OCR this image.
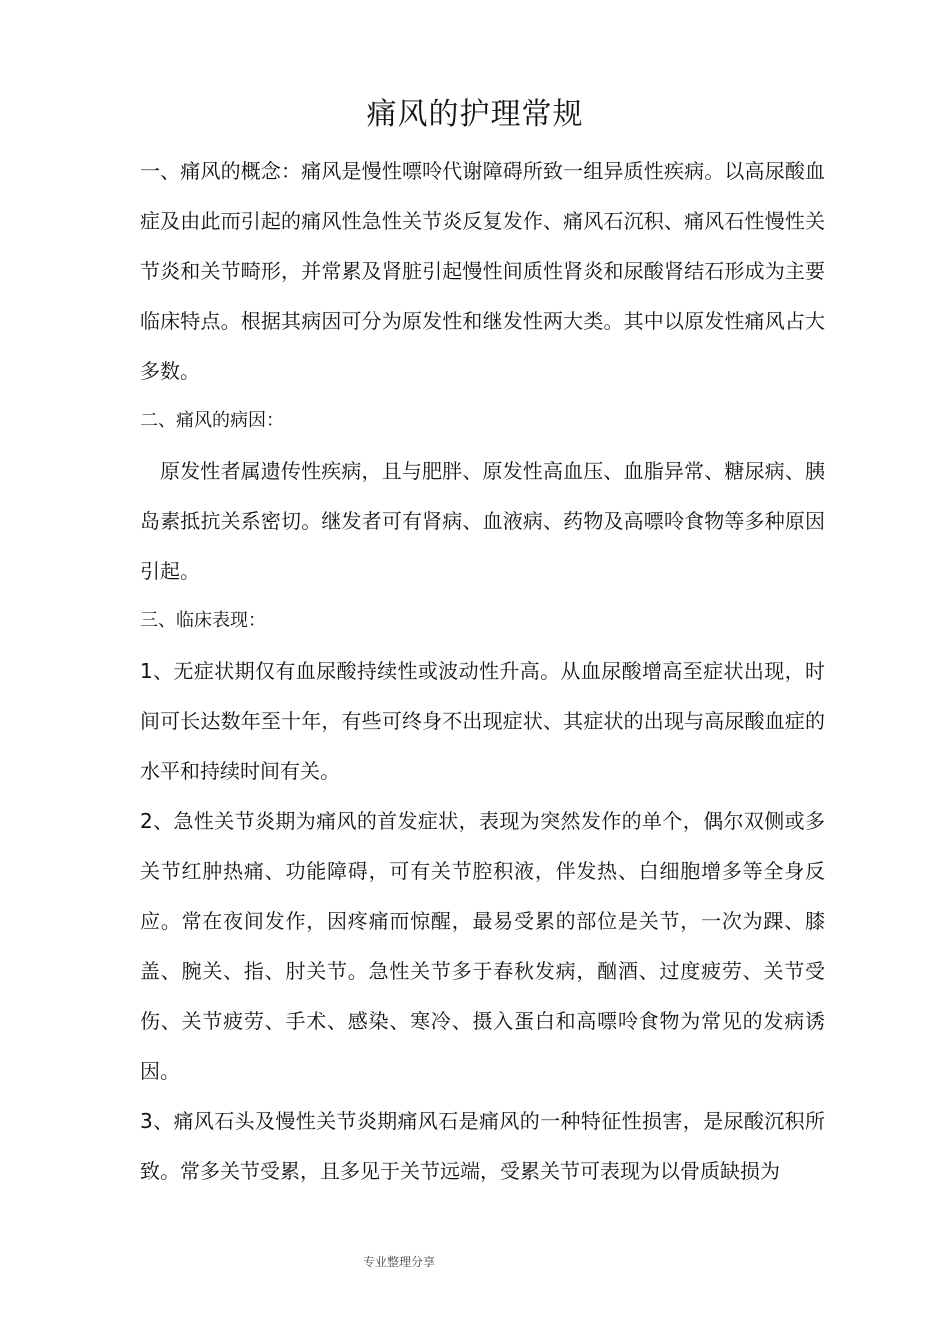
痛风的护理常规

一、痛风的概念：痛风是慢性嘌呤代谢障碍所致一组异质性疾病。以高尿酸血症及由此而引起的痛风性急性关节炎反复发作、痛风石沉积、痛风石性慢性关节炎和关节畸形，并常累及肾脏引起慢性间质性肾炎和尿酸肾结石形成为主要临床特点。根据其病因可分为原发性和继发性两大类。其中以原发性痛风占大多数。

二、痛风的病因：

原发性者属遗传性疾病，且与肥胖、原发性高血压、血脂异常、糖尿病、胰岛素抵抗关系密切。继发者可有肾病、血液病、药物及高嘌呤食物等多种原因引起。

三、临床表现：

1、无症状期仅有血尿酸持续性或波动性升高。从血尿酸增高至症状出现，时间可长达数年至十年，有些可终身不出现症状、其症状的出现与高尿酸血症的水平和持续时间有关。

2、急性关节炎期为痛风的首发症状，表现为突然发作的单个，偶尔双侧或多关节红肿热痛、功能障碍，可有关节腔积液，伴发热、白细胞增多等全身反应。常在夜间发作，因疼痛而惊醒，最易受累的部位是关节，一次为踝、膝盖、腕关、指、肘关节。急性关节多于春秋发病，酗酒、过度疲劳、关节受伤、关节疲劳、手术、感染、寒冷、摄入蛋白和高嘌呤食物为常见的发病诱因。

3、痛风石头及慢性关节炎期痛风石是痛风的一种特征性损害，是尿酸沉积所致。常多关节受累，且多见于关节远端，受累关节可表现为以骨质缺损为

专业整理分享
